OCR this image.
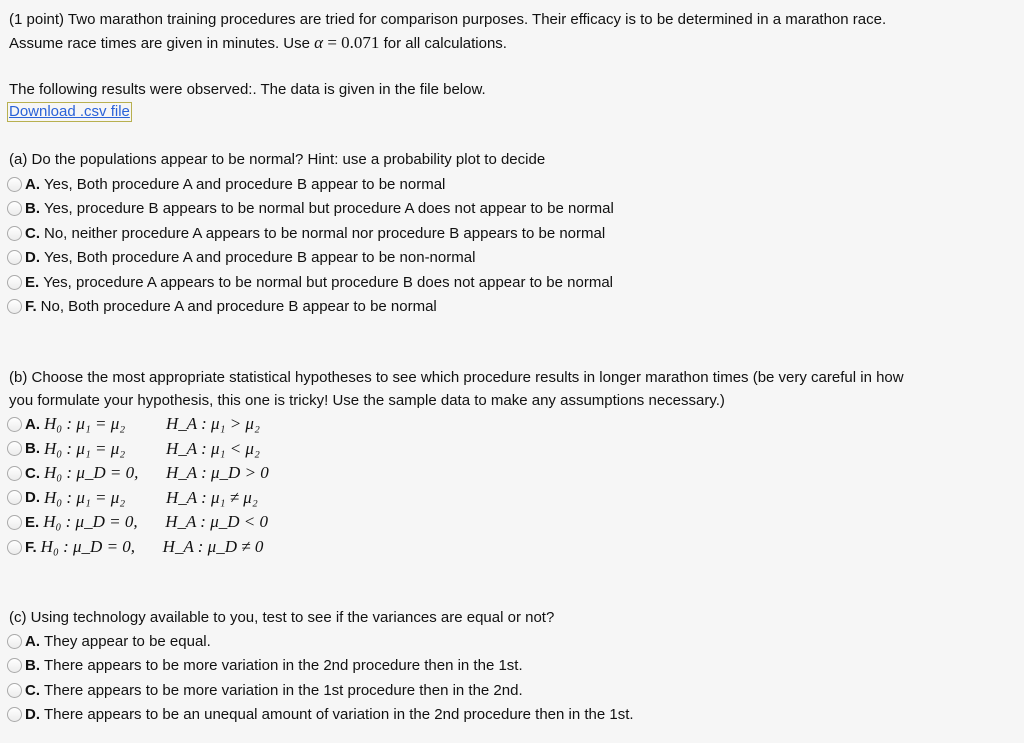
(1 point) Two marathon training procedures are tried for comparison purposes. Their efficacy is to be determined in a marathon race.
Assume race times are given in minutes. Use α = 0.071 for all calculations.
The following results were observed:. The data is given in the file below.
Download .csv file
(a) Do the populations appear to be normal? Hint: use a probability plot to decide
A. Yes, Both procedure A and procedure B appear to be normal
B. Yes, procedure B appears to be normal but procedure A does not appear to be normal
C. No, neither procedure A appears to be normal nor procedure B appears to be normal
D. Yes, Both procedure A and procedure B appear to be non-normal
E. Yes, procedure A appears to be normal but procedure B does not appear to be normal
F. No, Both procedure A and procedure B appear to be normal
(b) Choose the most appropriate statistical hypotheses to see which procedure results in longer marathon times (be very careful in how
you formulate your hypothesis, this one is tricky! Use the sample data to make any assumptions necessary.)
A. H₀ : μ₁ = μ₂	H_A : μ₁ > μ₂
B. H₀ : μ₁ = μ₂	H_A : μ₁ < μ₂
C. H₀ : μ_D = 0,	H_A : μ_D > 0
D. H₀ : μ₁ = μ₂	H_A : μ₁ ≠ μ₂
E. H₀ : μ_D = 0,	H_A : μ_D < 0
F. H₀ : μ_D = 0,	H_A : μ_D ≠ 0
(c) Using technology available to you, test to see if the variances are equal or not?
A. They appear to be equal.
B. There appears to be more variation in the 2nd procedure then in the 1st.
C. There appears to be more variation in the 1st procedure then in the 2nd.
D. There appears to be an unequal amount of variation in the 2nd procedure then in the 1st.
